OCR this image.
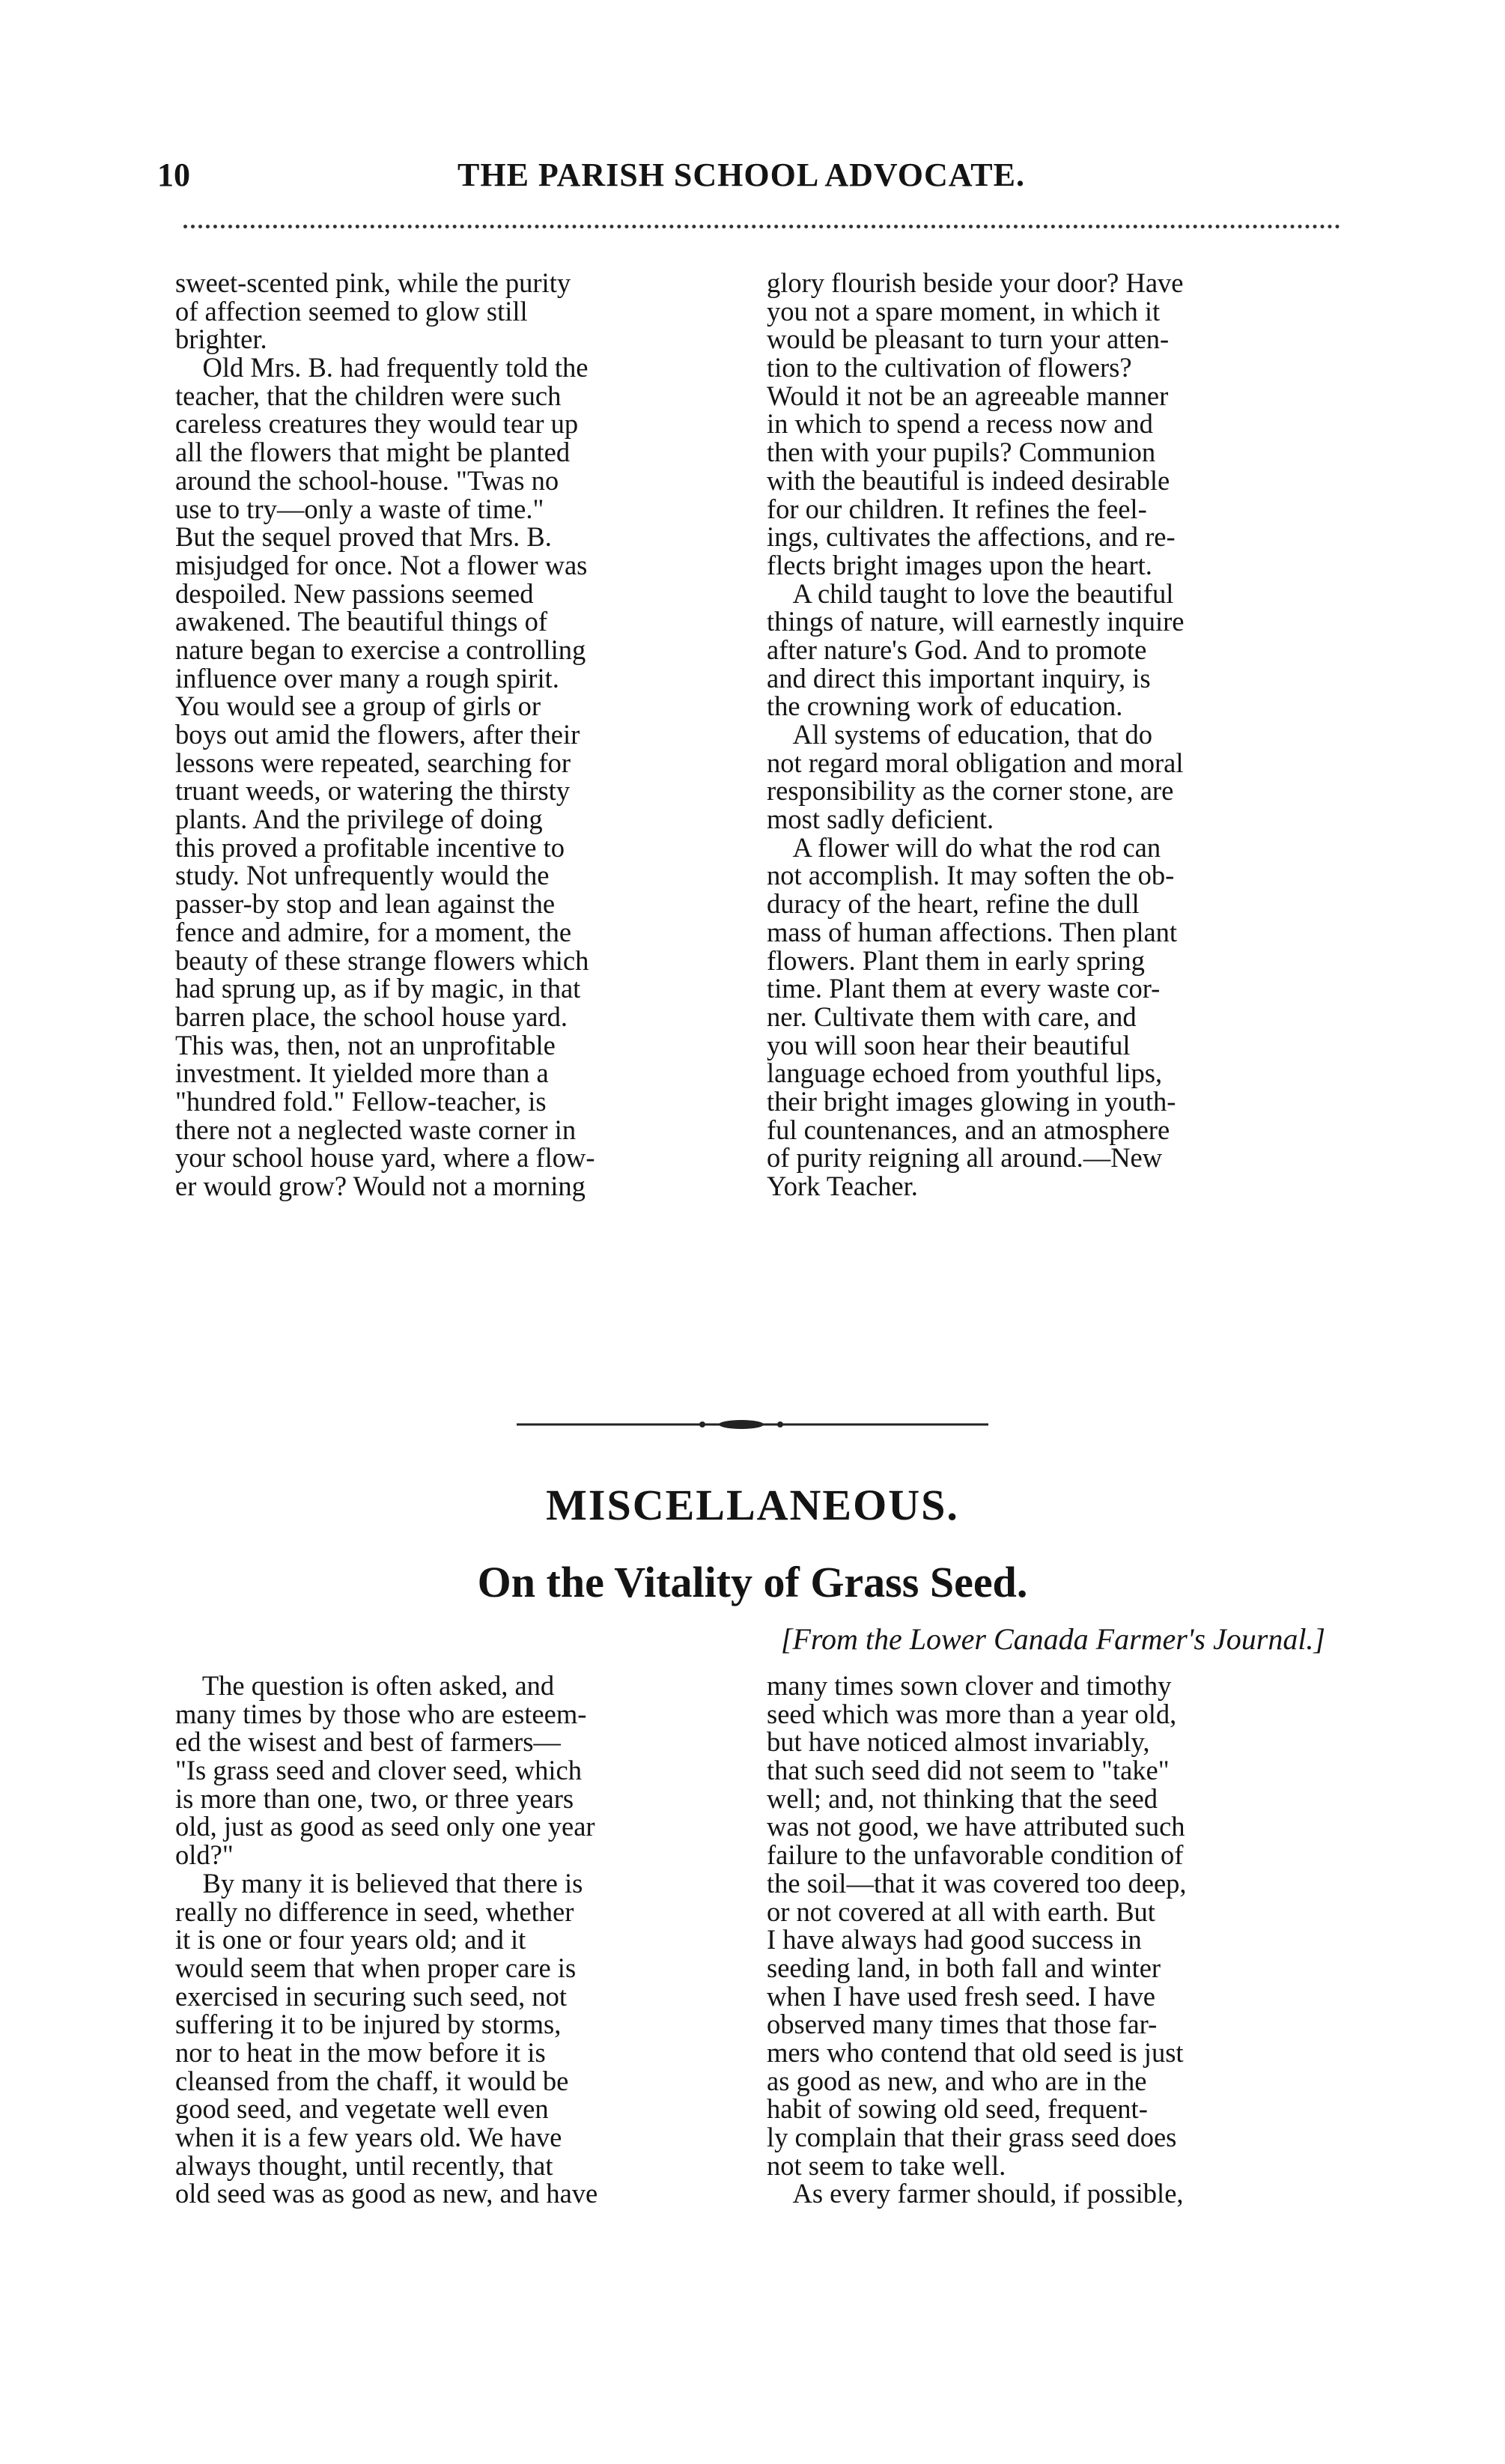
10	THE PARISH SCHOOL ADVOCATE.
sweet-scented pink, while the purity
of affection seemed to glow still
brighter.
Old Mrs. B. had frequently told the
teacher, that the children were such
careless creatures they would tear up
all the flowers that might be planted
around the school-house. "Twas no
use to try—only a waste of time."
But the sequel proved that Mrs. B.
misjudged for once. Not a flower was
despoiled. New passions seemed
awakened. The beautiful things of
nature began to exercise a controlling
influence over many a rough spirit.
You would see a group of girls or
boys out amid the flowers, after their
lessons were repeated, searching for
truant weeds, or watering the thirsty
plants. And the privilege of doing
this proved a profitable incentive to
study. Not unfrequently would the
passer-by stop and lean against the
fence and admire, for a moment, the
beauty of these strange flowers which
had sprung up, as if by magic, in that
barren place, the school house yard.
This was, then, not an unprofitable
investment. It yielded more than a
"hundred fold." Fellow-teacher, is
there not a neglected waste corner in
your school house yard, where a flow-
er would grow? Would not a morning
glory flourish beside your door? Have
you not a spare moment, in which it
would be pleasant to turn your atten-
tion to the cultivation of flowers?
Would it not be an agreeable manner
in which to spend a recess now and
then with your pupils? Communion
with the beautiful is indeed desirable
for our children. It refines the feel-
ings, cultivates the affections, and re-
flects bright images upon the heart.
A child taught to love the beautiful
things of nature, will earnestly inquire
after nature's God. And to promote
and direct this important inquiry, is
the crowning work of education.
All systems of education, that do
not regard moral obligation and moral
responsibility as the corner stone, are
most sadly deficient.
A flower will do what the rod can
not accomplish. It may soften the ob-
duracy of the heart, refine the dull
mass of human affections. Then plant
flowers. Plant them in early spring
time. Plant them at every waste cor-
ner. Cultivate them with care, and
you will soon hear their beautiful
language echoed from youthful lips,
their bright images glowing in youth-
ful countenances, and an atmosphere
of purity reigning all around.—New
York Teacher.
MISCELLANEOUS.
On the Vitality of Grass Seed.
[From the Lower Canada Farmer's Journal.]
The question is often asked, and
many times by those who are esteem-
ed the wisest and best of farmers—
"Is grass seed and clover seed, which
is more than one, two, or three years
old, just as good as seed only one year
old?"
By many it is believed that there is
really no difference in seed, whether
it is one or four years old; and it
would seem that when proper care is
exercised in securing such seed, not
suffering it to be injured by storms,
nor to heat in the mow before it is
cleansed from the chaff, it would be
good seed, and vegetate well even
when it is a few years old. We have
always thought, until recently, that
old seed was as good as new, and have
many times sown clover and timothy
seed which was more than a year old,
but have noticed almost invariably,
that such seed did not seem to "take"
well; and, not thinking that the seed
was not good, we have attributed such
failure to the unfavorable condition of
the soil—that it was covered too deep,
or not covered at all with earth. But
I have always had good success in
seeding land, in both fall and winter
when I have used fresh seed. I have
observed many times that those far-
mers who contend that old seed is just
as good as new, and who are in the
habit of sowing old seed, frequent-
ly complain that their grass seed does
not seem to take well.
As every farmer should, if possible,
